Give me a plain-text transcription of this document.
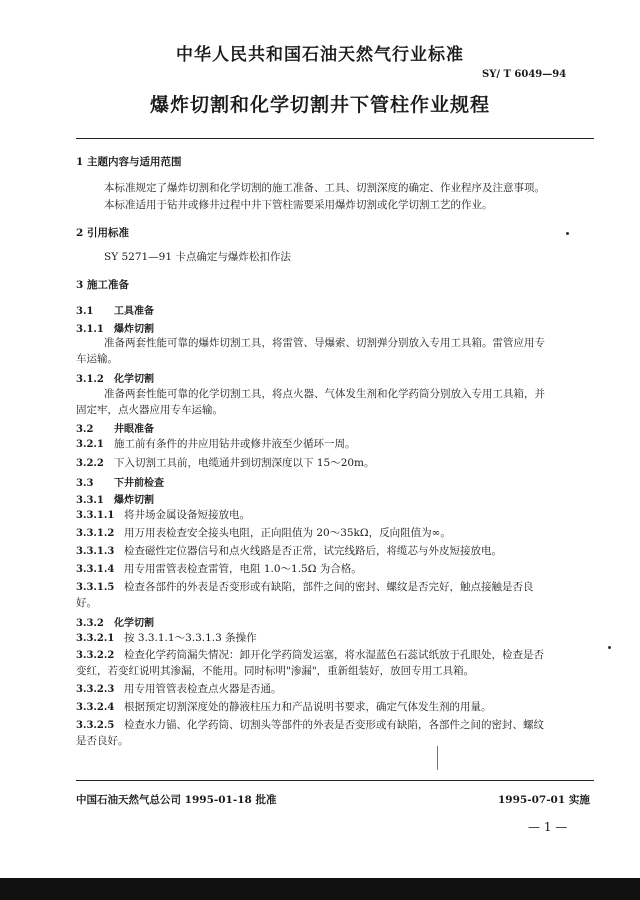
中华人民共和国石油天然气行业标准
SY/ T 6049—94
爆炸切割和化学切割井下管柱作业规程
1 主题内容与适用范围
本标准规定了爆炸切割和化学切割的施工准备、工具、切割深度的确定、作业程序及注意事项。
本标准适用于钻井或修井过程中井下管柱需要采用爆炸切割或化学切割工艺的作业。
2 引用标准
SY 5271—91 卡点确定与爆炸松扣作法
3 施工准备
3.1 工具准备
3.1.1 爆炸切割
准备两套性能可靠的爆炸切割工具，将雷管、导爆索、切割弹分别放入专用工具箱。雷管应用专
车运输。
3.1.2 化学切割
准备两套性能可靠的化学切割工具，将点火器、气体发生剂和化学药筒分别放入专用工具箱，并
固定牢，点火器应用专车运输。
3.2 井眼准备
3.2.1 施工前有条件的井应用钻井或修井液至少循环一周。
3.2.2 下入切割工具前，电缆通井到切割深度以下 15～20m。
3.3 下井前检查
3.3.1 爆炸切割
3.3.1.1 将井场金属设备短接放电。
3.3.1.2 用万用表检查安全接头电阻，正向阻值为 20～35kΩ，反向阻值为∞。
3.3.1.3 检查磁性定位器信号和点火线路是否正常，试完线路后，将缆芯与外皮短接放电。
3.3.1.4 用专用雷管表检查雷管，电阻 1.0～1.5Ω 为合格。
3.3.1.5 检查各部件的外表是否变形或有缺陷，部件之间的密封、螺纹是否完好，触点接触是否良
好。
3.3.2 化学切割
3.3.2.1 按 3.3.1.1～3.3.1.3 条操作
3.3.2.2 检查化学药筒漏失情况：卸开化学药筒发运塞，将水湿蓝色石蕊试纸放于孔眼处，检查是否
变红，若变红说明其渗漏，不能用。同时标明"渗漏"，重新组装好，放回专用工具箱。
3.3.2.3 用专用管管表检查点火器是否通。
3.3.2.4 根据预定切割深度处的静液柱压力和产品说明书要求，确定气体发生剂的用量。
3.3.2.5 检查水力锚、化学药筒、切割头等部件的外表是否变形或有缺陷，各部件之间的密封、螺纹
是否良好。
中国石油天然气总公司 1995-01-18 批准	1995-07-01 实施
— 1 —
